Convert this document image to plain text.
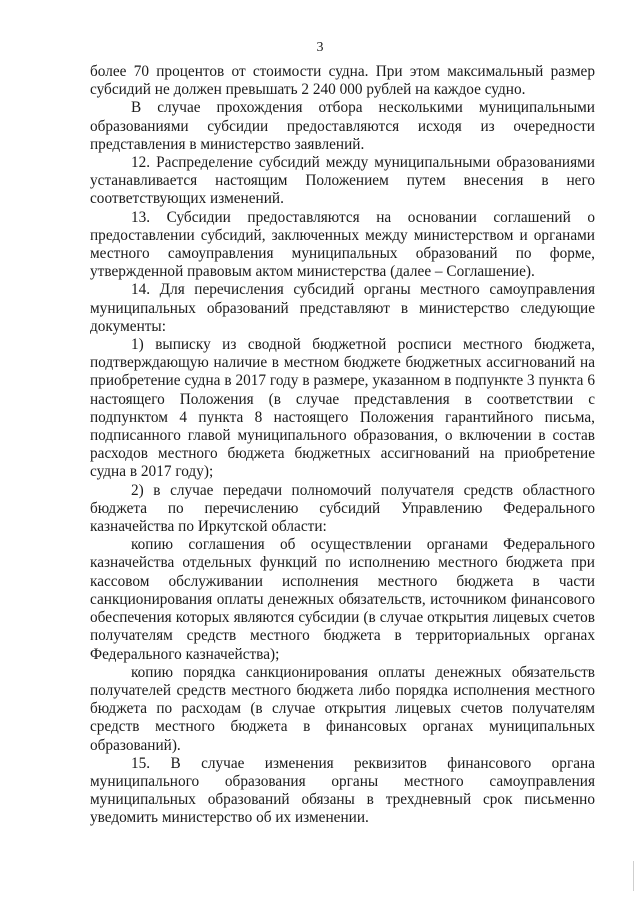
3

более 70 процентов от стоимости судна. При этом максимальный размер субсидий не должен превышать 2 240 000 рублей на каждое судно.

В случае прохождения отбора несколькими муниципальными образованиями субсидии предоставляются исходя из очередности представления в министерство заявлений.

12. Распределение субсидий между муниципальными образованиями устанавливается настоящим Положением путем внесения в него соответствующих изменений.

13. Субсидии предоставляются на основании соглашений о предоставлении субсидий, заключенных между министерством и органами местного самоуправления муниципальных образований по форме, утвержденной правовым актом министерства (далее – Соглашение).

14. Для перечисления субсидий органы местного самоуправления муниципальных образований представляют в министерство следующие документы:

1) выписку из сводной бюджетной росписи местного бюджета, подтверждающую наличие в местном бюджете бюджетных ассигнований на приобретение судна в 2017 году в размере, указанном в подпункте 3 пункта 6 настоящего Положения (в случае представления в соответствии с подпунктом 4 пункта 8 настоящего Положения гарантийного письма, подписанного главой муниципального образования, о включении в состав расходов местного бюджета бюджетных ассигнований на приобретение судна в 2017 году);

2) в случае передачи полномочий получателя средств областного бюджета по перечислению субсидий Управлению Федерального казначейства по Иркутской области:

копию соглашения об осуществлении органами Федерального казначейства отдельных функций по исполнению местного бюджета при кассовом обслуживании исполнения местного бюджета в части санкционирования оплаты денежных обязательств, источником финансового обеспечения которых являются субсидии (в случае открытия лицевых счетов получателям средств местного бюджета в территориальных органах Федерального казначейства);

копию порядка санкционирования оплаты денежных обязательств получателей средств местного бюджета либо порядка исполнения местного бюджета по расходам (в случае открытия лицевых счетов получателям средств местного бюджета в финансовых органах муниципальных образований).

15. В случае изменения реквизитов финансового органа муниципального образования органы местного самоуправления муниципальных образований обязаны в трехдневный срок письменно уведомить министерство об их изменении.
